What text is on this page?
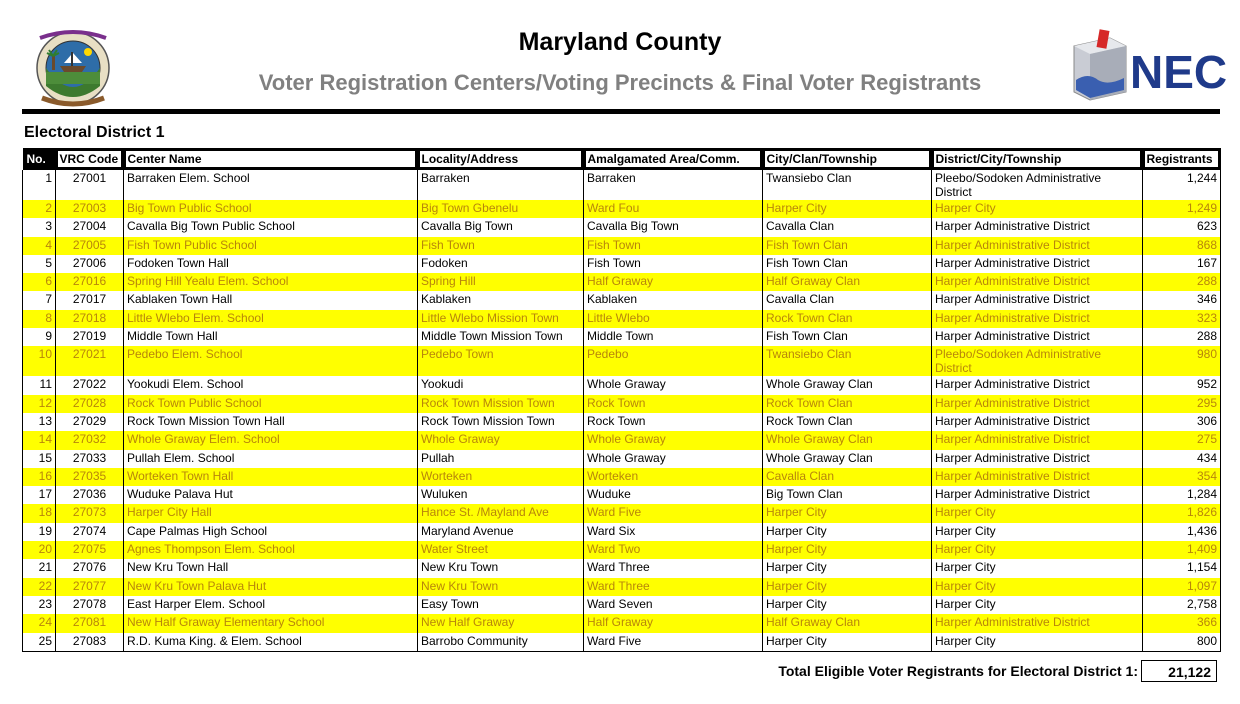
Maryland County
Voter Registration Centers/Voting Precincts & Final Voter Registrants	NEC
Electoral District 1
No.	VRC Code	Center Name	Locality/Address	Amalgamated Area/Comm.	City/Clan/Township	District/City/Township	Registrants

1	27001	Barraken Elem. School	Barraken	Barraken	Twansiebo Clan	Pleebo/Sodoken Administrative District	1,244
2	27003	Big Town Public School	Big Town Gbenelu	Ward Fou	Harper City	Harper City	1,249
3	27004	Cavalla Big Town Public School	Cavalla Big Town	Cavalla Big Town	Cavalla Clan	Harper Administrative District	623
4	27005	Fish Town Public School	Fish Town	Fish Town	Fish Town Clan	Harper Administrative District	868
5	27006	Fodoken Town Hall	Fodoken	Fish Town	Fish Town Clan	Harper Administrative District	167
6	27016	Spring Hill Yealu Elem. School	Spring Hill	Half Graway	Half Graway Clan	Harper Administrative District	288
7	27017	Kablaken Town Hall	Kablaken	Kablaken	Cavalla Clan	Harper Administrative District	346
8	27018	Little Wlebo Elem. School	Little Wlebo Mission Town	Little Wlebo	Rock Town Clan	Harper Administrative District	323
9	27019	Middle Town Hall	Middle Town Mission Town	Middle Town	Fish Town Clan	Harper Administrative District	288
10	27021	Pedebo Elem. School	Pedebo Town	Pedebo	Twansiebo Clan	Pleebo/Sodoken Administrative District	980
11	27022	Yookudi Elem. School	Yookudi	Whole Graway	Whole Graway Clan	Harper Administrative District	952
12	27028	Rock Town Public School	Rock Town Mission Town	Rock Town	Rock Town Clan	Harper Administrative District	295
13	27029	Rock Town Mission Town Hall	Rock Town Mission Town	Rock Town	Rock Town Clan	Harper Administrative District	306
14	27032	Whole Graway Elem. School	Whole Graway	Whole Graway	Whole Graway Clan	Harper Administrative District	275
15	27033	Pullah Elem. School	Pullah	Whole Graway	Whole Graway Clan	Harper Administrative District	434
16	27035	Worteken Town Hall	Worteken	Worteken	Cavalla Clan	Harper Administrative District	354
17	27036	Wuduke Palava Hut	Wuluken	Wuduke	Big Town Clan	Harper Administrative District	1,284
18	27073	Harper City Hall	Hance St. /Mayland Ave	Ward Five	Harper City	Harper City	1,826
19	27074	Cape Palmas High School	Maryland Avenue	Ward Six	Harper City	Harper City	1,436
20	27075	Agnes Thompson Elem. School	Water Street	Ward Two	Harper City	Harper City	1,409
21	27076	New Kru Town Hall	New Kru Town	Ward Three	Harper City	Harper City	1,154
22	27077	New Kru Town Palava Hut	New Kru Town	Ward Three	Harper City	Harper City	1,097
23	27078	East Harper Elem. School	Easy Town	Ward Seven	Harper City	Harper City	2,758
24	27081	New Half Graway Elementary School	New Half Graway	Half Graway	Half Graway Clan	Harper Administrative District	366
25	27083	R.D. Kuma King. & Elem. School	Barrobo Community	Ward Five	Harper City	Harper City	800
Total Eligible Voter Registrants for Electoral District 1:	21,122
